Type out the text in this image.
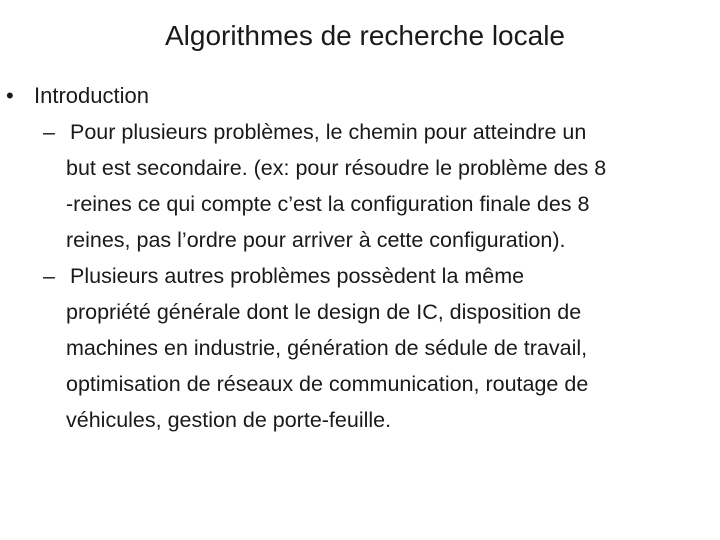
Algorithmes de recherche locale
• Introduction
– Pour plusieurs problèmes, le chemin pour atteindre un
but est secondaire. (ex: pour résoudre le problème des 8
-reines ce qui compte c’est la configuration finale des 8
reines, pas l’ordre pour arriver à cette configuration).
– Plusieurs autres problèmes possèdent la même
propriété générale dont le design de IC, disposition de
machines en industrie, génération de sédule de travail,
optimisation de réseaux de communication, routage de
véhicules, gestion de porte-feuille.
